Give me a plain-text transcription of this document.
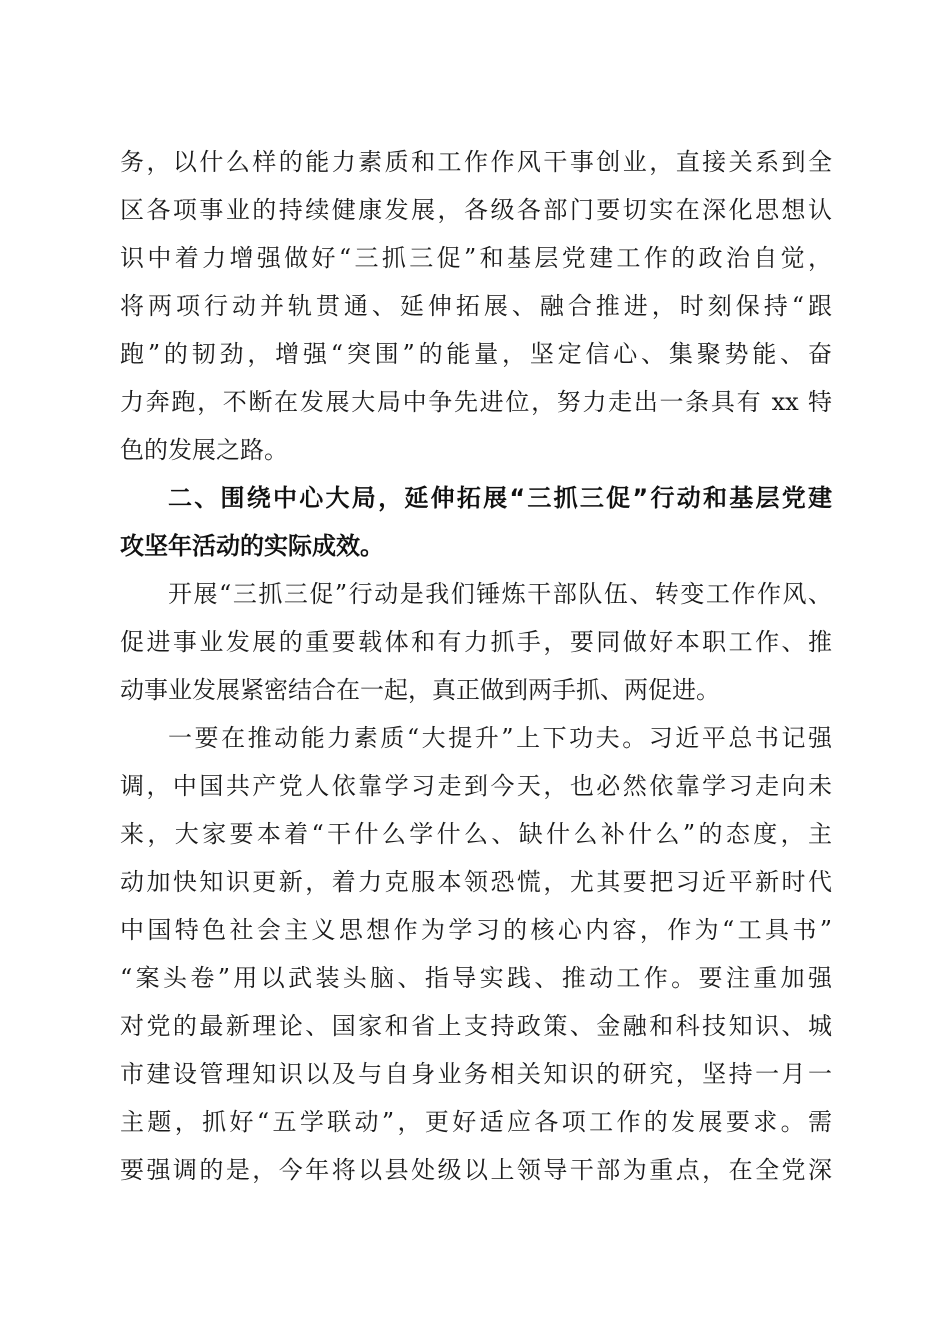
务，以什么样的能力素质和工作作风干事创业，直接关系到全
区各项事业的持续健康发展，各级各部门要切实在深化思想认
识中着力增强做好“三抓三促”和基层党建工作的政治自觉，
将两项行动并轨贯通、延伸拓展、融合推进，时刻保持“跟
跑”的韧劲，增强“突围”的能量，坚定信心、集聚势能、奋
力奔跑，不断在发展大局中争先进位，努力走出一条具有 xx 特
色的发展之路。
二、围绕中心大局，延伸拓展“三抓三促”行动和基层党建
攻坚年活动的实际成效。
开展“三抓三促”行动是我们锤炼干部队伍、转变工作作风、
促进事业发展的重要载体和有力抓手，要同做好本职工作、推
动事业发展紧密结合在一起，真正做到两手抓、两促进。
一要在推动能力素质“大提升”上下功夫。习近平总书记强
调，中国共产党人依靠学习走到今天，也必然依靠学习走向未
来，大家要本着“干什么学什么、缺什么补什么”的态度，主
动加快知识更新，着力克服本领恐慌，尤其要把习近平新时代
中国特色社会主义思想作为学习的核心内容，作为“工具书”
“案头卷”用以武装头脑、指导实践、推动工作。要注重加强
对党的最新理论、国家和省上支持政策、金融和科技知识、城
市建设管理知识以及与自身业务相关知识的研究，坚持一月一
主题，抓好“五学联动”，更好适应各项工作的发展要求。需
要强调的是，今年将以县处级以上领导干部为重点，在全党深
